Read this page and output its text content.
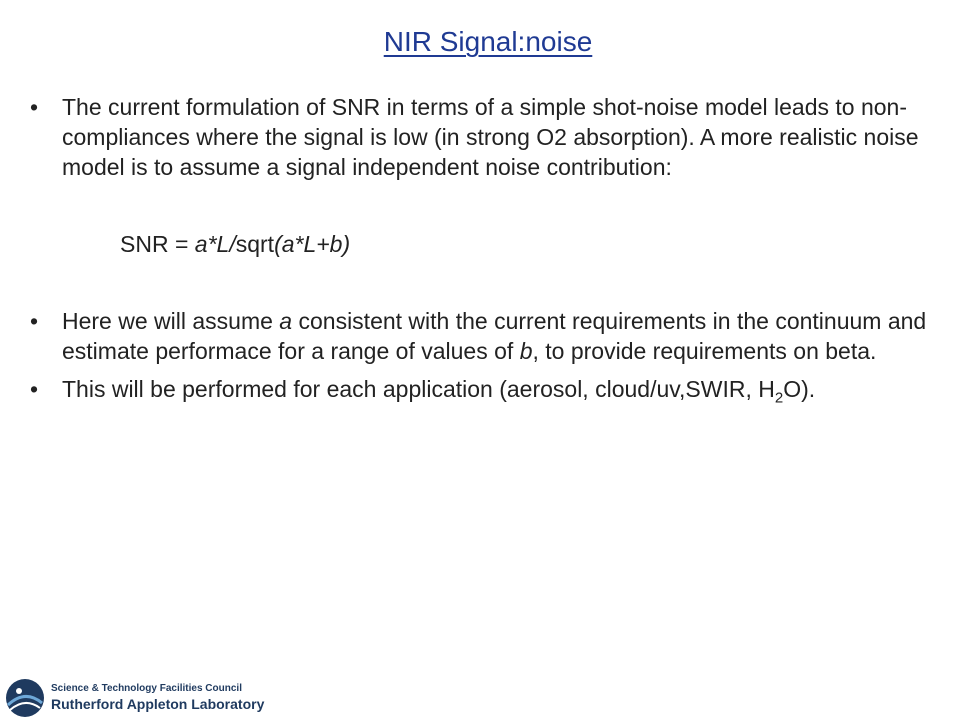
NIR Signal:noise
• The current formulation of SNR in terms of a simple shot-noise model leads to non-compliances where the signal is low (in strong O2 absorption). A more realistic noise model is to assume a signal independent noise contribution:
SNR = a*L/sqrt(a*L+b)
• Here we will assume a consistent with the current requirements in the continuum and estimate performace for a range of values of b, to provide requirements on beta.
• This will be performed for each application (aerosol, cloud/uv,SWIR, $H_2O$).
Science & Technology Facilities Council
Rutherford Appleton Laboratory
